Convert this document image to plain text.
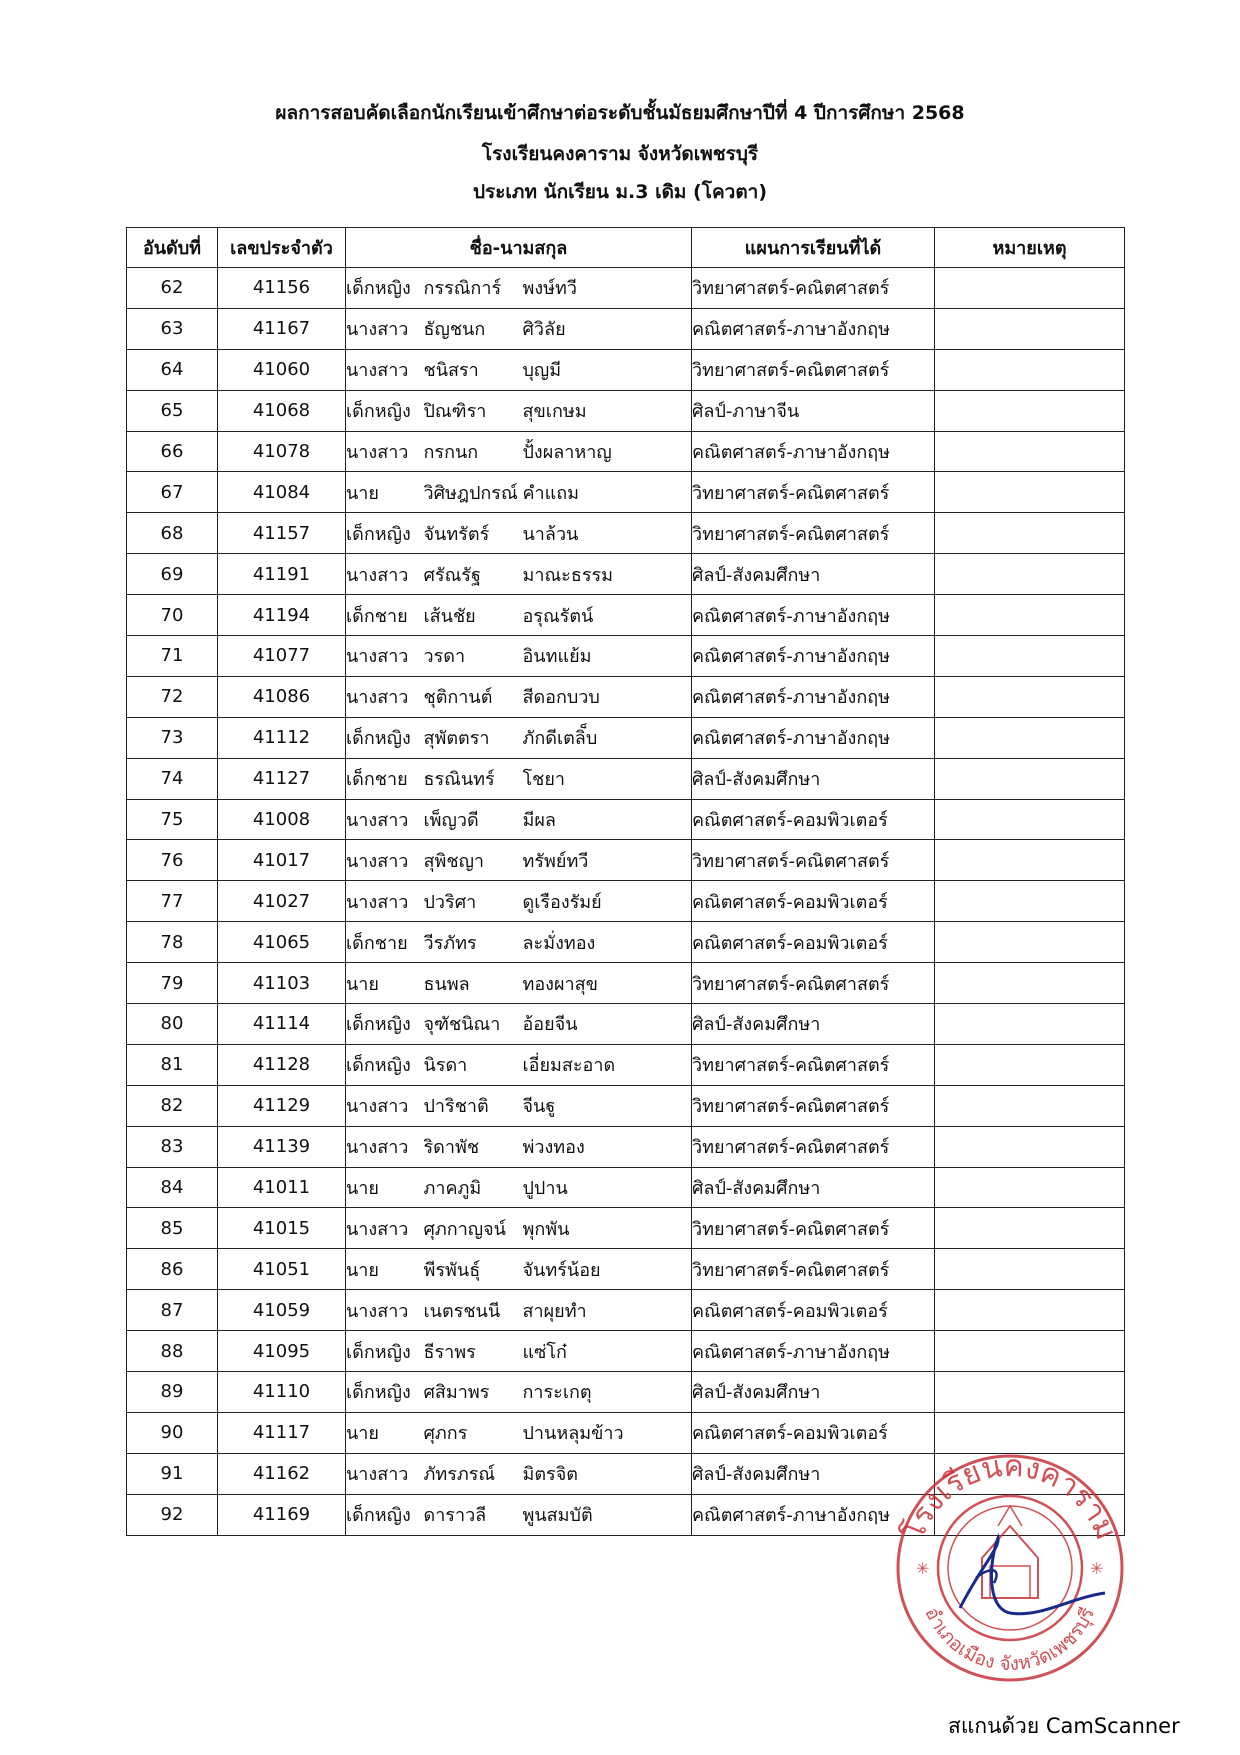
ผลการสอบคัดเลือกนักเรียนเข้าศึกษาต่อระดับชั้นมัธยมศึกษาปีที่ 4 ปีการศึกษา 2568
โรงเรียนคงคาราม จังหวัดเพชรบุรี
ประเภท นักเรียน ม.3 เดิม (โควตา)
อันดับที่	เลขประจำตัว	ชื่อ-นามสกุล			แผนการเรียนที่ได้	หมายเหตุ
62	41156	เด็กหญิง	กรรณิการ์	พงษ์ทวี	วิทยาศาสตร์-คณิตศาสตร์	
63	41167	นางสาว	ธัญชนก	ศิวิลัย	คณิตศาสตร์-ภาษาอังกฤษ	
64	41060	นางสาว	ชนิสรา	บุญมี	วิทยาศาสตร์-คณิตศาสตร์	
65	41068	เด็กหญิง	ปิณฑิรา	สุขเกษม	ศิลป์-ภาษาจีน	
66	41078	นางสาว	กรกนก	ปั้งผลาหาญ	คณิตศาสตร์-ภาษาอังกฤษ	
67	41084	นาย	วิศิษฎปกรณ์	คำแถม	วิทยาศาสตร์-คณิตศาสตร์	
68	41157	เด็กหญิง	จันทรัตร์	นาล้วน	วิทยาศาสตร์-คณิตศาสตร์	
69	41191	นางสาว	ศรัณรัฐ	มาณะธรรม	ศิลป์-สังคมศึกษา	
70	41194	เด็กชาย	เส้นชัย	อรุณรัตน์	คณิตศาสตร์-ภาษาอังกฤษ	
71	41077	นางสาว	วรดา	อินทแย้ม	คณิตศาสตร์-ภาษาอังกฤษ	
72	41086	นางสาว	ชุติกานต์	สีดอกบวบ	คณิตศาสตร์-ภาษาอังกฤษ	
73	41112	เด็กหญิง	สุพัตตรา	ภักดีเตลิ็บ	คณิตศาสตร์-ภาษาอังกฤษ	
74	41127	เด็กชาย	ธรณินทร์	โชยา	ศิลป์-สังคมศึกษา	
75	41008	นางสาว	เพ็ญวดี	มีผล	คณิตศาสตร์-คอมพิวเตอร์	
76	41017	นางสาว	สุพิชญา	ทรัพย์ทวี	วิทยาศาสตร์-คณิตศาสตร์	
77	41027	นางสาว	ปวริศา	ดูเรืองรัมย์	คณิตศาสตร์-คอมพิวเตอร์	
78	41065	เด็กชาย	วีรภัทร	ละมั่งทอง	คณิตศาสตร์-คอมพิวเตอร์	
79	41103	นาย	ธนพล	ทองผาสุข	วิทยาศาสตร์-คณิตศาสตร์	
80	41114	เด็กหญิง	จุฑัชนิณา	อ้อยจีน	ศิลป์-สังคมศึกษา	
81	41128	เด็กหญิง	นิรดา	เอี่ยมสะอาด	วิทยาศาสตร์-คณิตศาสตร์	
82	41129	นางสาว	ปาริชาติ	จีนฐู	วิทยาศาสตร์-คณิตศาสตร์	
83	41139	นางสาว	ริดาพัช	พ่วงทอง	วิทยาศาสตร์-คณิตศาสตร์	
84	41011	นาย	ภาคภูมิ	ปูปาน	ศิลป์-สังคมศึกษา	
85	41015	นางสาว	ศุภกาญจน์	พุกพัน	วิทยาศาสตร์-คณิตศาสตร์	
86	41051	นาย	พีรพันธุ์	จันทร์น้อย	วิทยาศาสตร์-คณิตศาสตร์	
87	41059	นางสาว	เนตรชนนี	สาผุยทำ	คณิตศาสตร์-คอมพิวเตอร์	
88	41095	เด็กหญิง	ธีราพร	แซ่โก๋	คณิตศาสตร์-ภาษาอังกฤษ	
89	41110	เด็กหญิง	ศสิมาพร	การะเกตุ	ศิลป์-สังคมศึกษา	
90	41117	นาย	ศุภกร	ปานหลุมข้าว	คณิตศาสตร์-คอมพิวเตอร์	
91	41162	นางสาว	ภัทรภรณ์	มิตรจิต	ศิลป์-สังคมศึกษา	
92	41169	เด็กหญิง	ดาราวลี	พูนสมบัติ	คณิตศาสตร์-ภาษาอังกฤษ	
✳	✳
โรงเรียนคงคาราม
อำเภอเมือง จังหวัดเพชรบุรี
สแกนด้วย CamScanner
